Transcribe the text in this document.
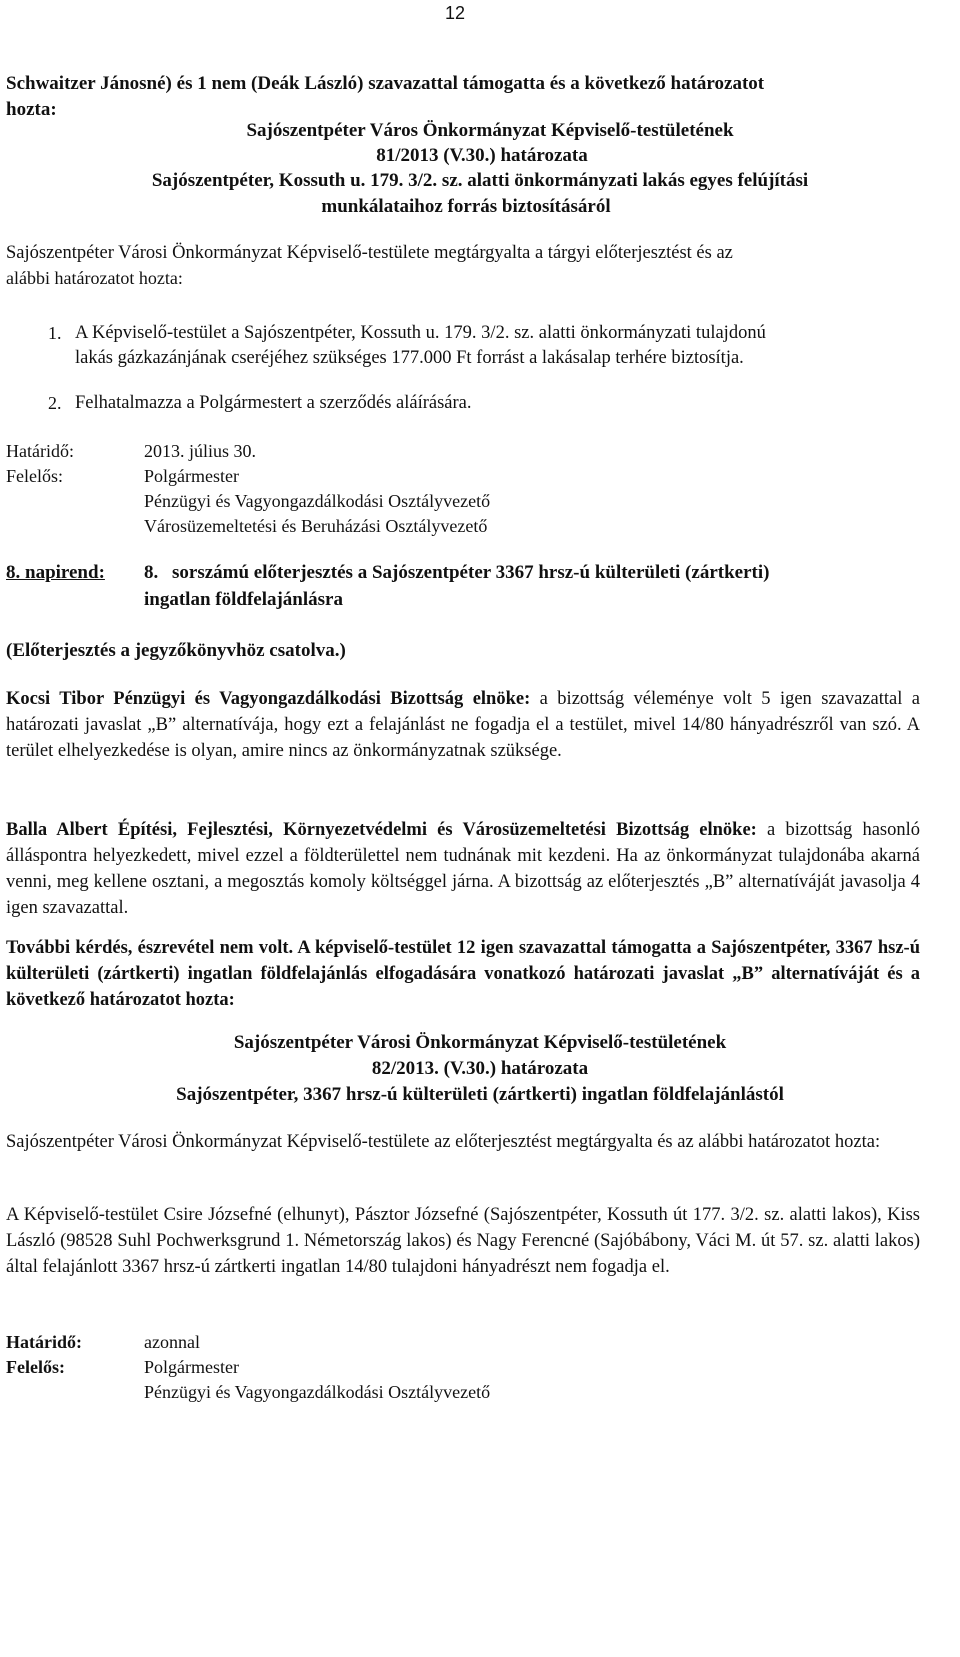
12
Schwaitzer Jánosné) és 1 nem (Deák László) szavazattal támogatta és a következő határozatot
hozta:
Sajószentpéter Város Önkormányzat Képviselő-testületének
81/2013 (V.30.) határozata
Sajószentpéter, Kossuth u. 179. 3/2. sz. alatti önkormányzati lakás egyes felújítási
munkálataihoz forrás biztosításáról
Sajószentpéter Városi Önkormányzat Képviselő-testülete megtárgyalta a tárgyi előterjesztést és az
alábbi határozatot hozta:
1. A Képviselő-testület a Sajószentpéter, Kossuth u. 179. 3/2. sz. alatti önkormányzati tulajdonú
lakás gázkazánjának cseréjéhez szükséges 177.000 Ft forrást a lakásalap terhére biztosítja.
2. Felhatalmazza a Polgármestert a szerződés aláírására.
Határidő:	2013. július 30.
Felelős:	Polgármester
Pénzügyi és Vagyongazdálkodási Osztályvezető
Városüzemeltetési és Beruházási Osztályvezető
8. napirend: 8. sorszámú előterjesztés a Sajószentpéter 3367 hrsz-ú külterületi (zártkerti)
ingatlan földfelajánlásra
(Előterjesztés a jegyzőkönyvhöz csatolva.)
Kocsi Tibor Pénzügyi és Vagyongazdálkodási Bizottság elnöke: a bizottság véleménye volt 5 igen szavazattal a határozati javaslat „B” alternatívája, hogy ezt a felajánlást ne fogadja el a testület, mivel 14/80 hányadrészről van szó. A terület elhelyezkedése is olyan, amire nincs az önkormányzatnak szüksége.
Balla Albert Építési, Fejlesztési, Környezetvédelmi és Városüzemeltetési Bizottság elnöke: a bizottság hasonló álláspontra helyezkedett, mivel ezzel a földterülettel nem tudnának mit kezdeni. Ha az önkormányzat tulajdonába akarná venni, meg kellene osztani, a megosztás komoly költséggel járna. A bizottság az előterjesztés „B” alternatíváját javasolja 4 igen szavazattal.
További kérdés, észrevétel nem volt. A képviselő-testület 12 igen szavazattal támogatta a Sajószentpéter, 3367 hsz-ú külterületi (zártkerti) ingatlan földfelajánlás elfogadására vonatkozó határozati javaslat „B” alternatíváját és a következő határozatot hozta:
Sajószentpéter Városi Önkormányzat Képviselő-testületének
82/2013. (V.30.) határozata
Sajószentpéter, 3367 hrsz-ú külterületi (zártkerti) ingatlan földfelajánlástól
Sajószentpéter Városi Önkormányzat Képviselő-testülete az előterjesztést megtárgyalta és az alábbi határozatot hozta:
A Képviselő-testület Csire Józsefné (elhunyt), Pásztor Józsefné (Sajószentpéter, Kossuth út 177. 3/2. sz. alatti lakos), Kiss László (98528 Suhl Pochwerksgrund 1. Németország lakos) és Nagy Ferencné (Sajóbábony, Váci M. út 57. sz. alatti lakos) által felajánlott 3367 hrsz-ú zártkerti ingatlan 14/80 tulajdoni hányadrészt nem fogadja el.
Határidő:	azonnal
Felelős:	Polgármester
Pénzügyi és Vagyongazdálkodási Osztályvezető
